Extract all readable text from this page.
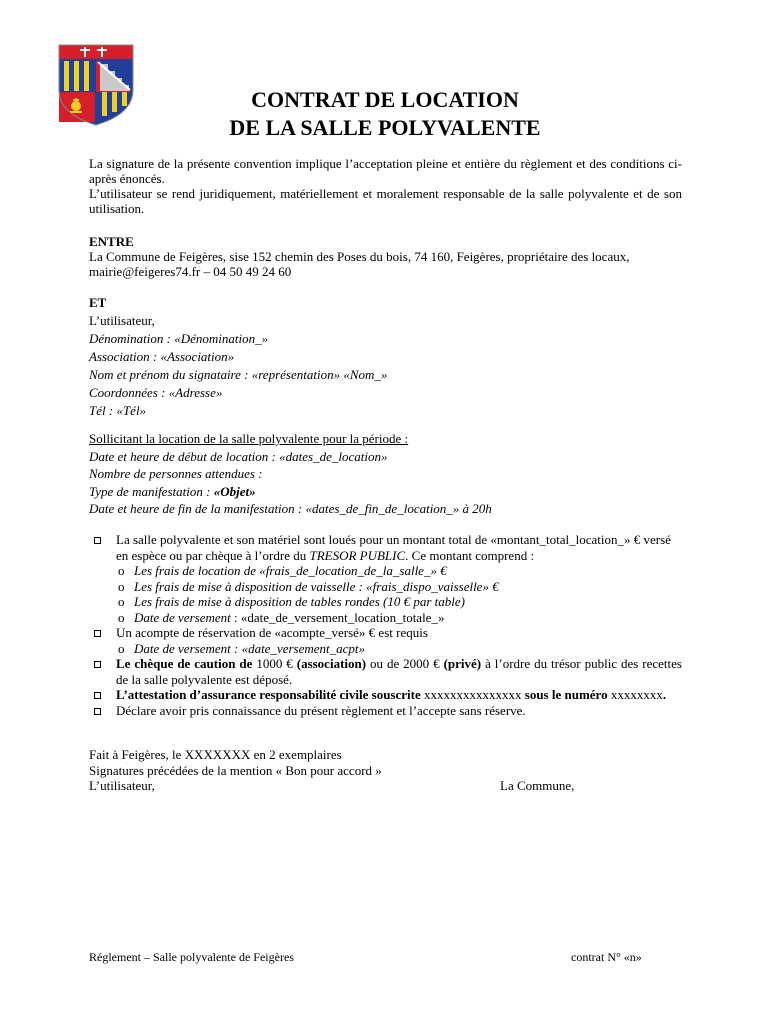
CONTRAT DE LOCATION
DE LA SALLE POLYVALENTE

La signature de la présente convention implique l’acceptation pleine et entière du règlement et des conditions ci-après énoncés.

L’utilisateur se rend juridiquement, matériellement et moralement responsable de la salle polyvalente et de son utilisation.

ENTRE

La Commune de Feigères, sise 152 chemin des Poses du bois, 74 160, Feigères, propriétaire des locaux,

mairie@feigeres74.fr – 04 50 49 24 60

ET

L’utilisateur,

Dénomination : «Dénomination_»

Association : «Association»

Nom et prénom du signataire : «représentation» «Nom_»

Coordonnées : «Adresse»

Tél : «Tél»

Sollicitant la location de la salle polyvalente pour la période :

Date et heure de début de location : «dates_de_location»

Nombre de personnes attendues :

Type de manifestation : «Objet»

Date et heure de fin de la manifestation : «dates_de_fin_de_location_» à 20h

La salle polyvalente et son matériel sont loués pour un montant total de «montant_total_location_» € versé en espèce ou par chèque à l’ordre du TRESOR PUBLIC. Ce montant comprend :
o Les frais de location de «frais_de_location_de_la_salle_» €
o Les frais de mise à disposition de vaisselle : «frais_dispo_vaisselle» €
o Les frais de mise à disposition de tables rondes (10 € par table)
o Date de versement : «date_de_versement_location_totale_»
Un acompte de réservation de «acompte_versé» € est requis
o Date de versement : «date_versement_acpt»
Le chèque de caution de 1000 € (association) ou de 2000 € (privé) à l’ordre du trésor public des recettes de la salle polyvalente est déposé.
L’attestation d’assurance responsabilité civile souscrite xxxxxxxxxxxxxxx sous le numéro xxxxxxxx.
Déclare avoir pris connaissance du présent règlement et l’accepte sans réserve.

Fait à Feigères, le XXXXXXX en 2 exemplaires

Signatures précédées de la mention « Bon pour accord »

L’utilisateur,	La Commune,

Réglement – Salle polyvalente de Feigères	contrat N° «n»
